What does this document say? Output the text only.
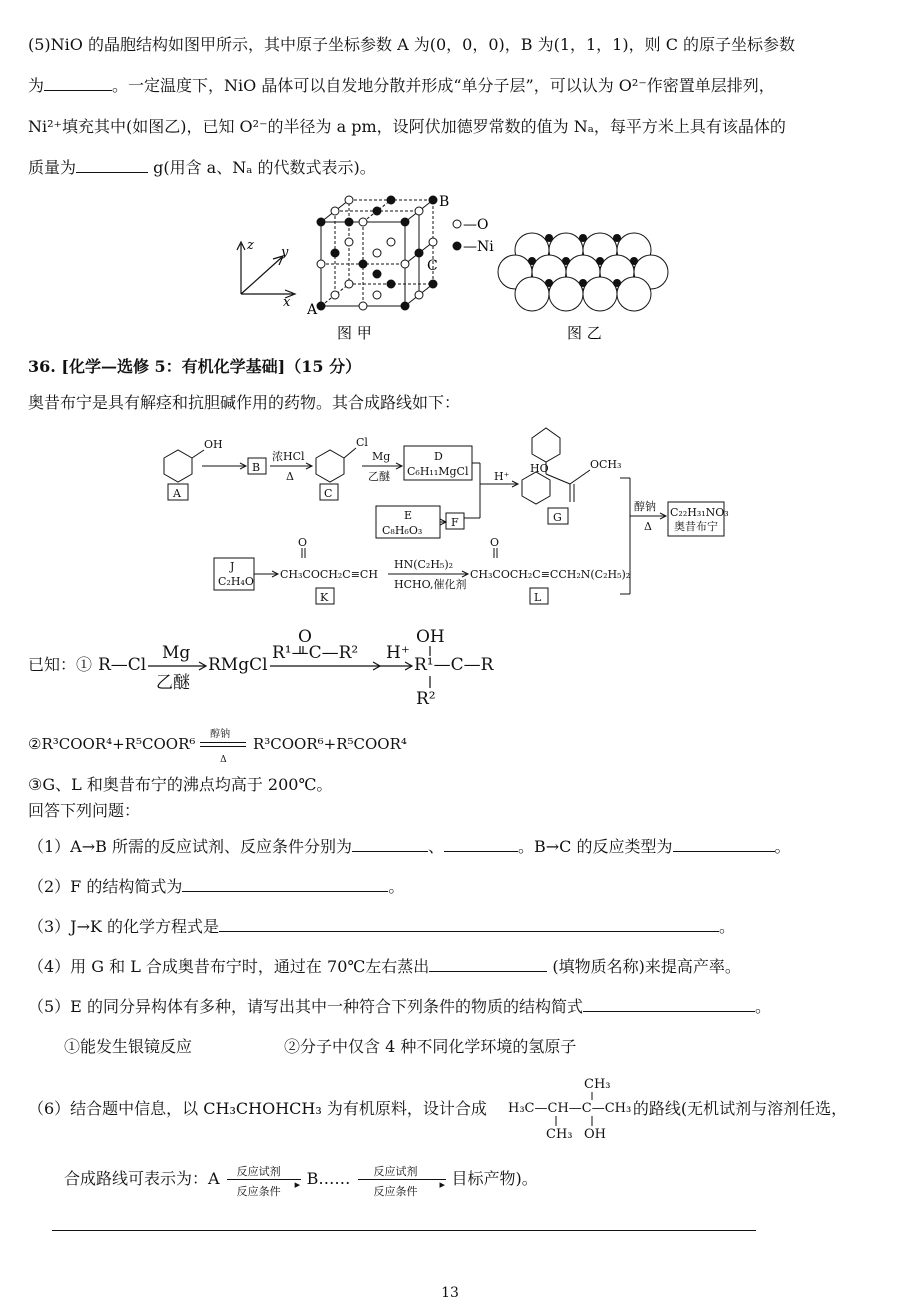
(5)NiO 的晶胞结构如图甲所示，其中原子坐标参数 A 为(0，0，0)，B 为(1，1，1)，则 C 的原子坐标参数
为	。一定温度下，NiO 晶体可以自发地分散并形成“单分子层”，可以认为 O²⁻作密置单层排列，
Ni²⁺填充其中(如图乙)，已知 O²⁻的半径为 a pm，设阿伏加德罗常数的值为 Nₐ，每平方米上具有该晶体的
质量为	g(用含 a、Nₐ 的代数式表示)。
z y
x A
B
C
—O
—Ni
图 甲	图 乙
36. [化学—选修 5：有机化学基础]（15 分）
奥昔布宁是具有解痉和抗胆碱作用的药物。其合成路线如下：
OH
A
B
浓HCl
Δ
Cl
C
Mg
乙醚
D
C₆H₁₁MgCl H⁺
HO	OCH₃
G
E
C₈H₆O₃
F
醇钠
Δ
C₂₂H₃₁NO₃
奥昔布宁
J
C₂H₄O
O
CH₃COCH₂C≡CH
K
HN(C₂H₅)₂
HCHO,催化剂
O
CH₃COCH₂C≡CCH₂N(C₂H₅)₂
L
已知：① R—Cl
Mg
乙醚
RMgCl
O
R¹—C—R² H⁺
R¹—C—R
OH
R²
②R³COOR⁴+R⁵COOR⁶
醇钠
Δ
R³COOR⁶+R⁵COOR⁴
③G、L 和奥昔布宁的沸点均高于 200℃。
回答下列问题：
（1）A→B 所需的反应试剂、反应条件分别为	、	。B→C 的反应类型为	。
（2）F 的结构简式为	。
（3）J→K 的化学方程式是	。
（4）用 G 和 L 合成奥昔布宁时，通过在 70℃左右蒸出	(填物质名称)来提高产率。
（5）E 的同分异构体有多种，请写出其中一种符合下列条件的物质的结构简式	。
①能发生银镜反应	②分子中仅含 4 种不同化学环境的氢原子
（6）结合题中信息，以 CH₃CHOHCH₃ 为有机原料，设计合成	的路线(无机试剂与溶剂任选，
CH₃
H₃C—CH—C—CH₃
CH₃ OH
合成路线可表示为：A 反应试剂
▸
反应条件
B…… 反应试剂
▸
反应条件
目标产物)。
13
